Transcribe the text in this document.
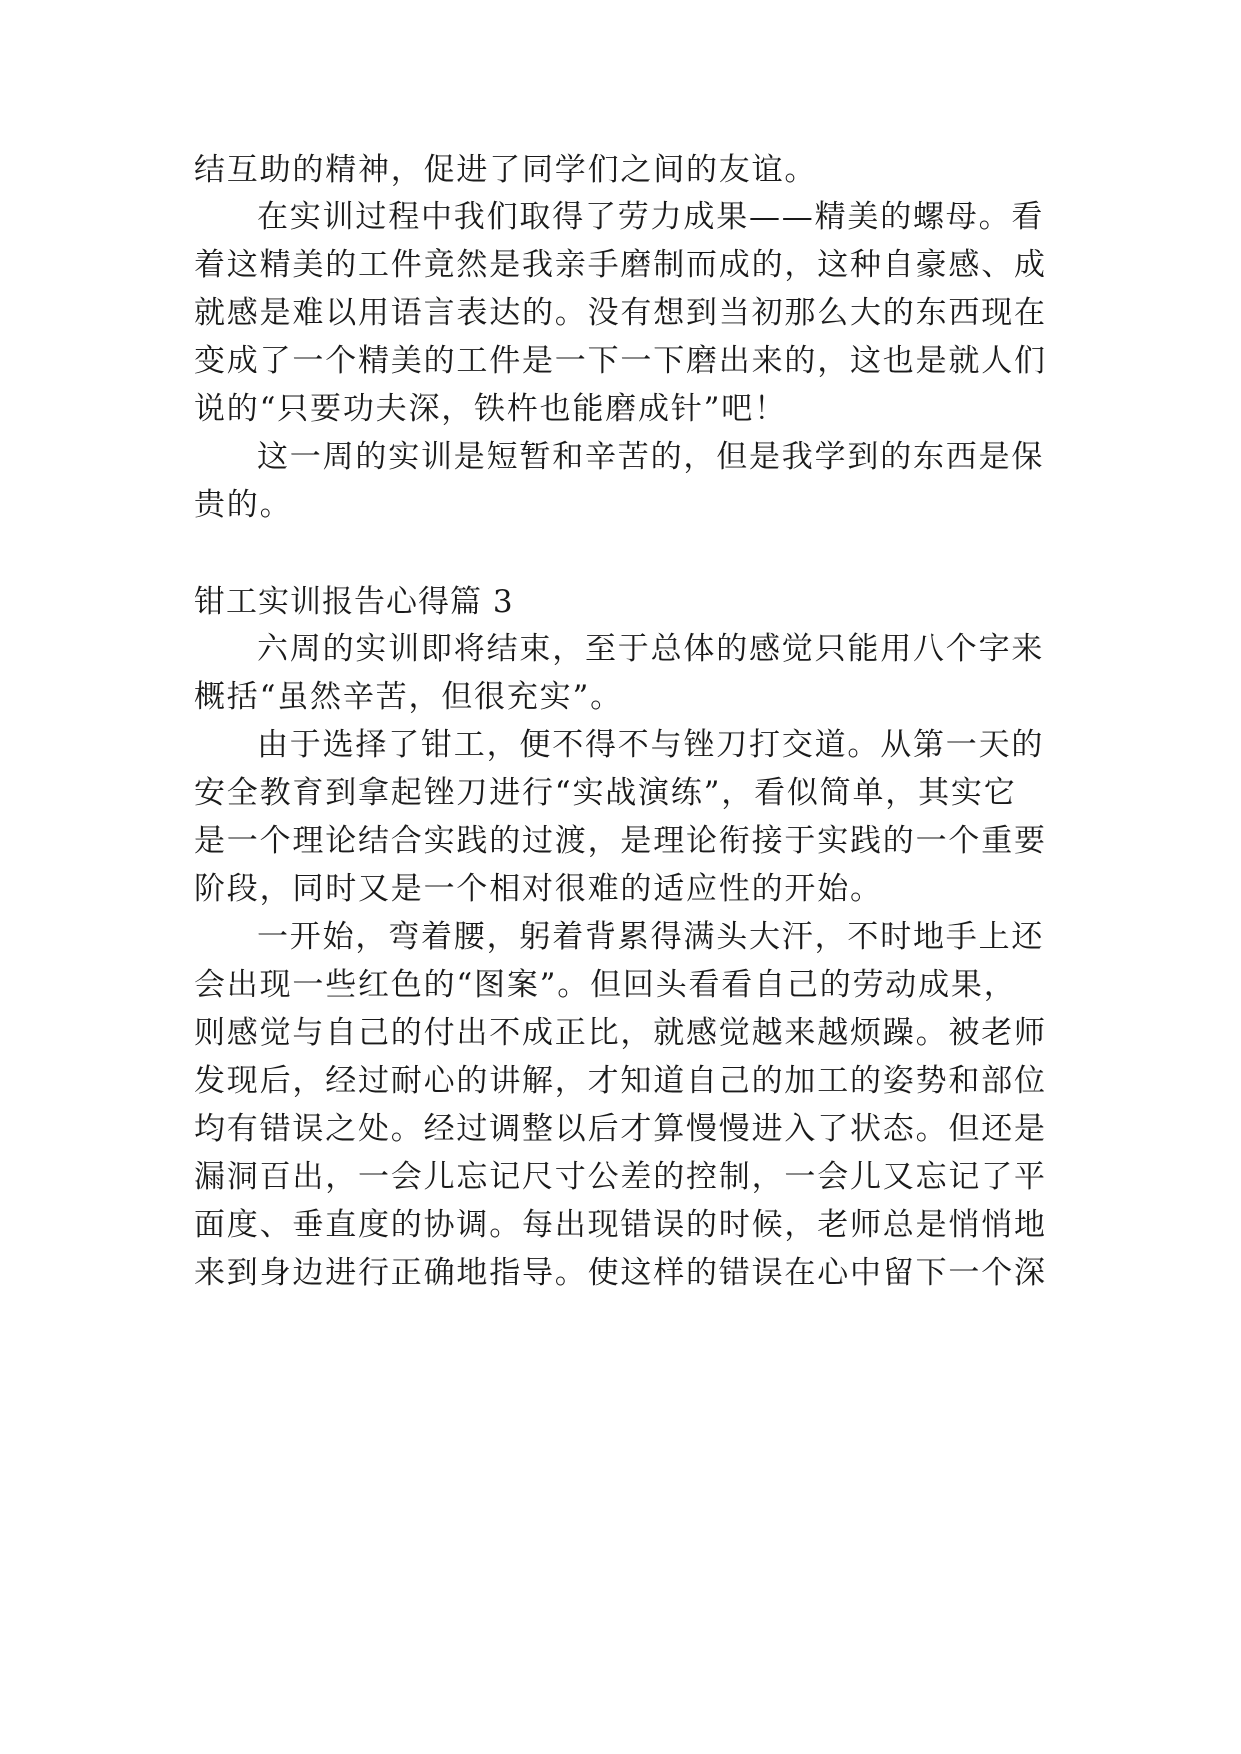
结互助的精神，促进了同学们之间的友谊。
在实训过程中我们取得了劳力成果——精美的螺母。看
着这精美的工件竟然是我亲手磨制而成的，这种自豪感、成
就感是难以用语言表达的。没有想到当初那么大的东西现在
变成了一个精美的工件是一下一下磨出来的，这也是就人们
说的“只要功夫深，铁杵也能磨成针”吧！
这一周的实训是短暂和辛苦的，但是我学到的东西是保
贵的。
钳工实训报告心得篇 3
六周的实训即将结束，至于总体的感觉只能用八个字来
概括“虽然辛苦，但很充实”。
由于选择了钳工，便不得不与锉刀打交道。从第一天的
安全教育到拿起锉刀进行“实战演练”，看似简单，其实它
是一个理论结合实践的过渡，是理论衔接于实践的一个重要
阶段，同时又是一个相对很难的适应性的开始。
一开始，弯着腰，躬着背累得满头大汗，不时地手上还
会出现一些红色的“图案”。但回头看看自己的劳动成果，
则感觉与自己的付出不成正比，就感觉越来越烦躁。被老师
发现后，经过耐心的讲解，才知道自己的加工的姿势和部位
均有错误之处。经过调整以后才算慢慢进入了状态。但还是
漏洞百出，一会儿忘记尺寸公差的控制，一会儿又忘记了平
面度、垂直度的协调。每出现错误的时候，老师总是悄悄地
来到身边进行正确地指导。使这样的错误在心中留下一个深
